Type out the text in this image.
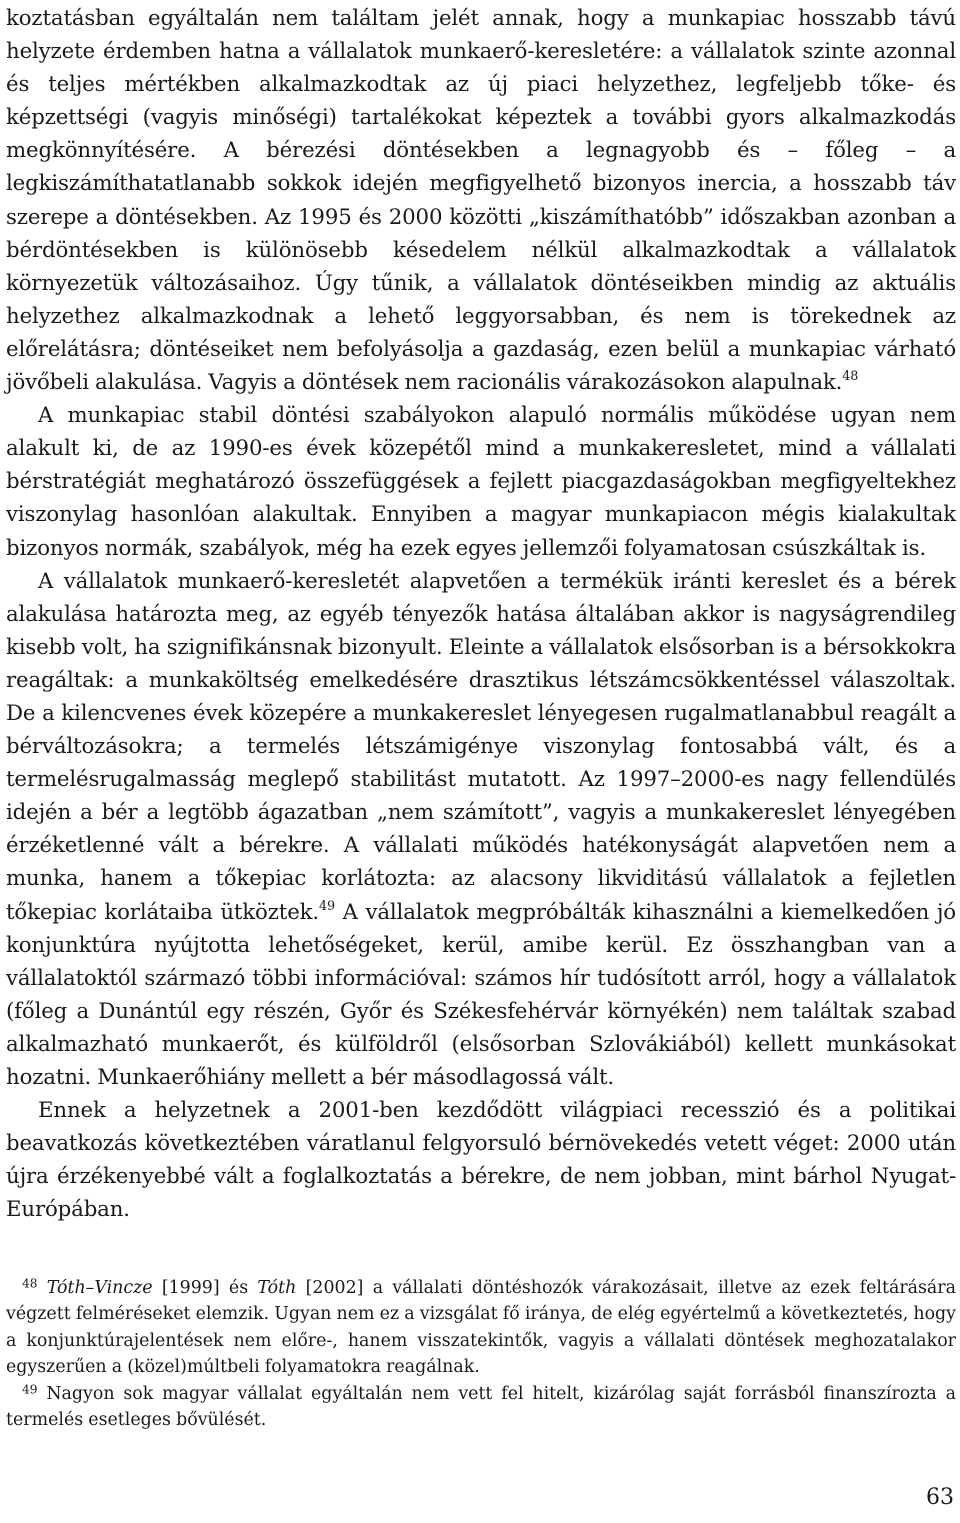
koztatásban egyáltalán nem találtam jelét annak, hogy a munkapiac hosszabb távú helyzete érdemben hatna a vállalatok munkaerő-keresletére: a vállalatok szinte azonnal és teljes mértékben alkalmazkodtak az új piaci helyzethez, legfeljebb tőke- és képzettségi (vagyis minőségi) tartalékokat képeztek a további gyors alkalmazkodás megkönnyítésére. A bérezési döntésekben a legnagyobb és – főleg – a legkiszámíthatatlanabb sokkok idején megfigyelhető bizonyos inercia, a hosszabb táv szerepe a döntésekben. Az 1995 és 2000 közötti „kiszámíthatóbb” időszakban azonban a bérdöntésekben is különösebb késedelem nélkül alkalmazkodtak a vállalatok környezetük változásaihoz. Úgy tűnik, a vállalatok döntéseikben mindig az aktuális helyzethez alkalmazkodnak a lehető leggyorsabban, és nem is törekednek az előrelátásra; döntéseiket nem befolyásolja a gazdaság, ezen belül a munkapiac várható jövőbeli alakulása. Vagyis a döntések nem racionális várakozásokon alapulnak.$^{48}$

A munkapiac stabil döntési szabályokon alapuló normális működése ugyan nem alakult ki, de az 1990-es évek közepétől mind a munkakeresletet, mind a vállalati bérstratégiát meghatározó összefüggések a fejlett piacgazdaságokban megfigyeltekhez viszonylag hasonlóan alakultak. Ennyiben a magyar munkapiacon mégis kialakultak bizonyos normák, szabályok, még ha ezek egyes jellemzői folyamatosan csúszkáltak is.

A vállalatok munkaerő-keresletét alapvetően a termékük iránti kereslet és a bérek alakulása határozta meg, az egyéb tényezők hatása általában akkor is nagyságrendileg kisebb volt, ha szignifikánsnak bizonyult. Eleinte a vállalatok elsősorban is a bérsokkokra reagáltak: a munkaköltség emelkedésére drasztikus létszámcsökkentéssel válaszoltak. De a kilencvenes évek közepére a munkakereslet lényegesen rugalmatlanabbul reagált a bérváltozásokra; a termelés létszámigénye viszonylag fontosabbá vált, és a termelésrugalmasság meglepő stabilitást mutatott. Az 1997–2000-es nagy fellendülés idején a bér a legtöbb ágazatban „nem számított”, vagyis a munkakereslet lényegében érzéketlenné vált a bérekre. A vállalati működés hatékonyságát alapvetően nem a munka, hanem a tőkepiac korlátozta: az alacsony likviditású vállalatok a fejletlen tőkepiac korlátaiba ütköztek.$^{49}$ A vállalatok megpróbálták kihasználni a kiemelkedően jó konjunktúra nyújtotta lehetőségeket, kerül, amibe kerül. Ez összhangban van a vállalatoktól származó többi információval: számos hír tudósított arról, hogy a vállalatok (főleg a Dunántúl egy részén, Győr és Székesfehérvár környékén) nem találtak szabad alkalmazható munkaerőt, és külföldről (elsősorban Szlovákiából) kellett munkásokat hozatni. Munkaerőhiány mellett a bér másodlagossá vált.

Ennek a helyzetnek a 2001-ben kezdődött világpiaci recesszió és a politikai beavatkozás következtében váratlanul felgyorsuló bérnövekedés vetett véget: 2000 után újra érzékenyebbé vált a foglalkoztatás a bérekre, de nem jobban, mint bárhol Nyugat-Európában.

$^{48}$ Tóth–Vincze [1999] és Tóth [2002] a vállalati döntéshozók várakozásait, illetve az ezek feltárására végzett felméréseket elemzik. Ugyan nem ez a vizsgálat fő iránya, de elég egyértelmű a következtetés, hogy a konjunktúrajelentések nem előre-, hanem visszatekintők, vagyis a vállalati döntések meghozatalakor egyszerűen a (közel)múltbeli folyamatokra reagálnak.

$^{49}$ Nagyon sok magyar vállalat egyáltalán nem vett fel hitelt, kizárólag saját forrásból finanszírozta a termelés esetleges bővülését.

63
